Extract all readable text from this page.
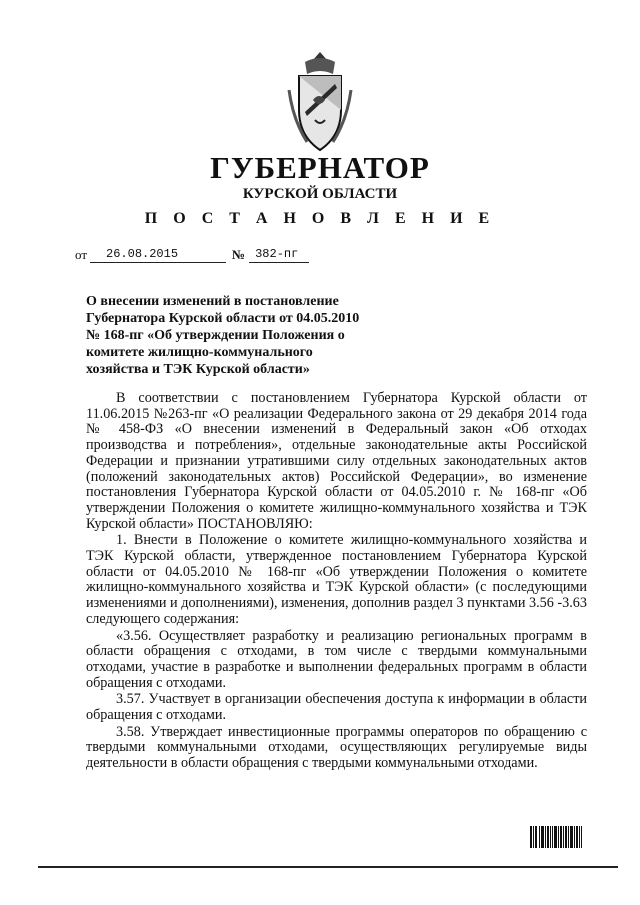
ГУБЕРНАТОР
КУРСКОЙ ОБЛАСТИ
П О С Т А Н О В Л Е Н И Е
от	26.08.2015	№ 382-пг
О внесении изменений в постановление Губернатора Курской области от 04.05.2010 № 168-пг «Об утверждении Положения о комитете жилищно-коммунального хозяйства и ТЭК Курской области»

В соответствии с постановлением Губернатора Курской области от 11.06.2015 №263-пг «О реализации Федерального закона от 29 декабря 2014 года № 458-ФЗ «О внесении изменений в Федеральный закон «Об отходах производства и потребления», отдельные законодательные акты Российской Федерации и признании утратившими силу отдельных законодательных актов (положений законодательных актов) Российской Федерации», во изменение постановления Губернатора Курской области от 04.05.2010 г. № 168-пг «Об утверждении Положения о комитете жилищно-коммунального хозяйства и ТЭК Курской области» ПОСТАНОВЛЯЮ:

1. Внести в Положение о комитете жилищно-коммунального хозяйства и ТЭК Курской области, утвержденное постановлением Губернатора Курской области от 04.05.2010 № 168-пг «Об утверждении Положения о комитете жилищно-коммунального хозяйства и ТЭК Курской области» (с последующими изменениями и дополнениями), изменения, дополнив раздел 3 пунктами 3.56 -3.63 следующего содержания:

«3.56. Осуществляет разработку и реализацию региональных программ в области обращения с отходами, в том числе с твердыми коммунальными отходами, участие в разработке и выполнении федеральных программ в области обращения с отходами.

3.57. Участвует в организации обеспечения доступа к информации в области обращения с отходами.

3.58. Утверждает инвестиционные программы операторов по обращению с твердыми коммунальными отходами, осуществляющих регулируемые виды деятельности в области обращения с твердыми коммунальными отходами.
